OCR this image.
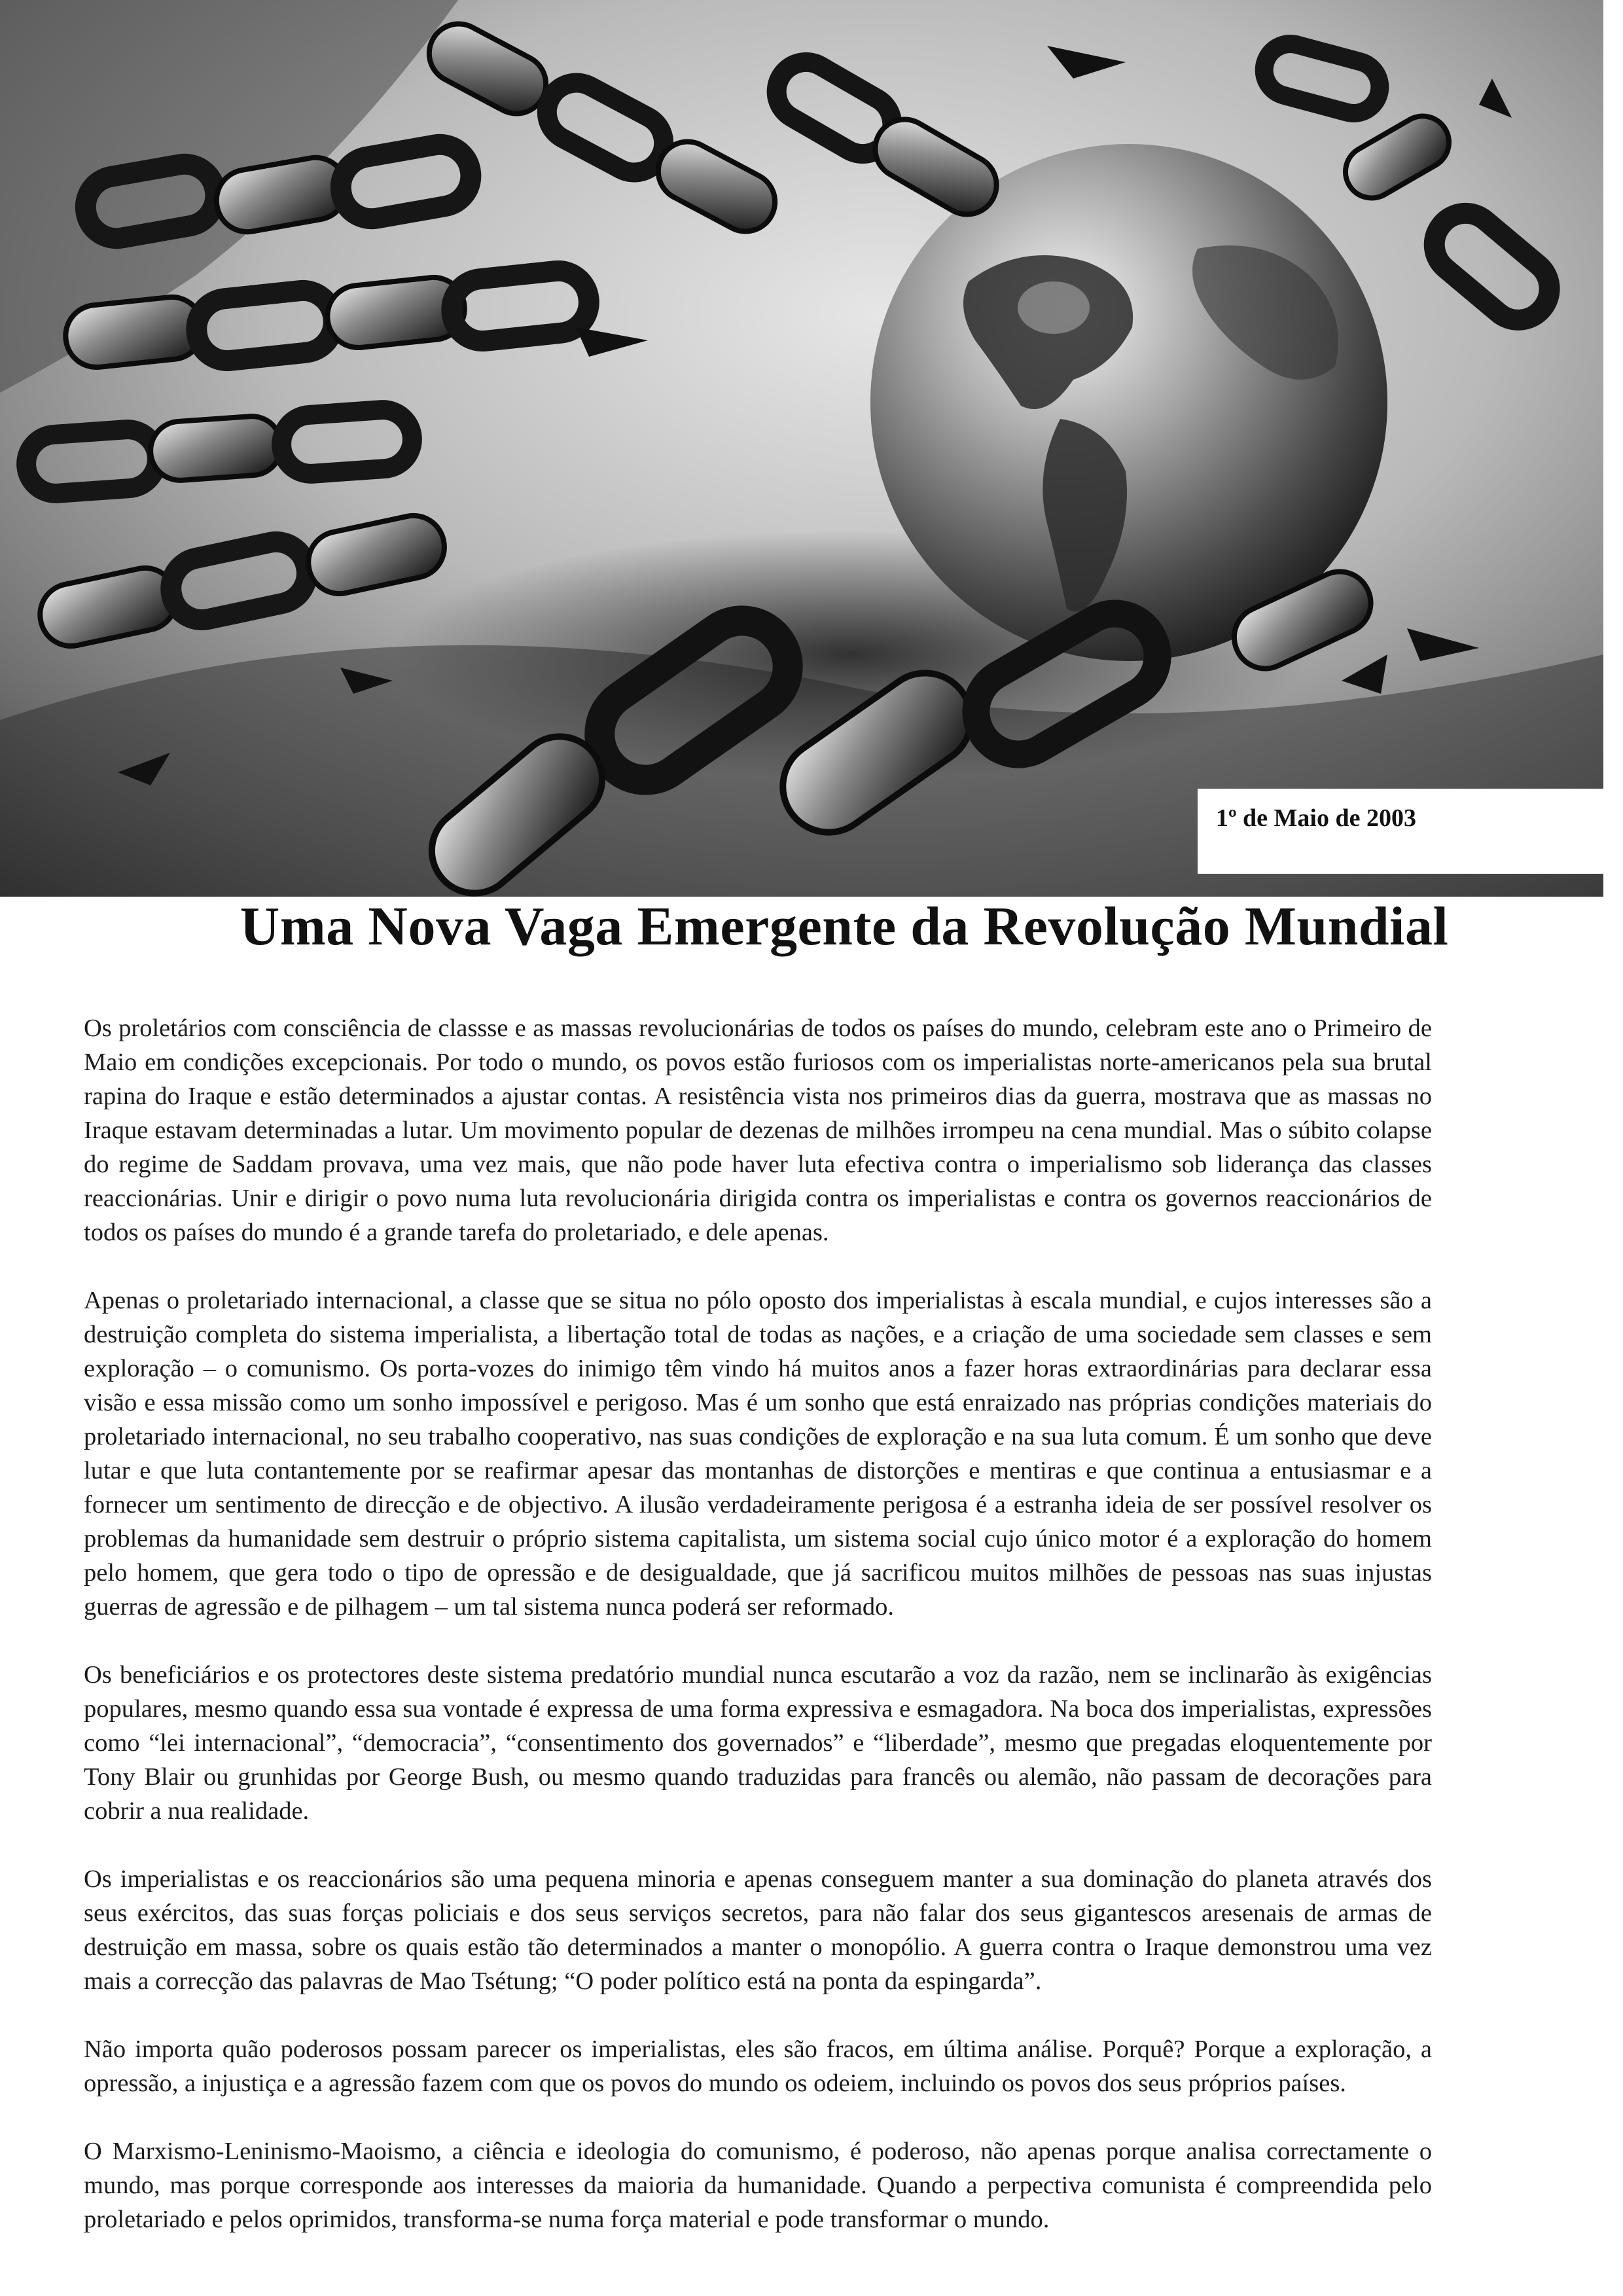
1º de Maio de 2003
Uma Nova Vaga Emergente da Revolução Mundial

Os proletários com consciência de classse e as massas revolucionárias de todos os países do mundo, celebram este ano o Primeiro de Maio em condições excepcionais. Por todo o mundo, os povos estão furiosos com os imperialistas norte-americanos pela sua brutal rapina do Iraque e estão determinados a ajustar contas. A resistência vista nos primeiros dias da guerra, mostrava que as massas no Iraque estavam determinadas a lutar. Um movimento popular de dezenas de milhões irrompeu na cena mundial. Mas o súbito colapse do regime de Saddam provava, uma vez mais, que não pode haver luta efectiva contra o imperialismo sob liderança das classes reaccionárias. Unir e dirigir o povo numa luta revolucionária dirigida contra os imperialistas e contra os governos reaccionários de todos os países do mundo é a grande tarefa do proletariado, e dele apenas.

Apenas o proletariado internacional, a classe que se situa no pólo oposto dos imperialistas à escala mundial, e cujos interesses são a destruição completa do sistema imperialista, a libertação total de todas as nações, e a criação de uma sociedade sem classes e sem exploração – o comunismo. Os porta-vozes do inimigo têm vindo há muitos anos a fazer horas extraordinárias para declarar essa visão e essa missão como um sonho impossível e perigoso. Mas é um sonho que está enraizado nas próprias condições materiais do proletariado internacional, no seu trabalho cooperativo, nas suas condições de exploração e na sua luta comum. É um sonho que deve lutar e que luta contantemente por se reafirmar apesar das montanhas de distorções e mentiras e que continua a entusiasmar e a fornecer um sentimento de direcção e de objectivo. A ilusão verdadeiramente perigosa é a estranha ideia de ser possível resolver os problemas da humanidade sem destruir o próprio sistema capitalista, um sistema social cujo único motor é a exploração do homem pelo homem, que gera todo o tipo de opressão e de desigualdade, que já sacrificou muitos milhões de pessoas nas suas injustas guerras de agressão e de pilhagem – um tal sistema nunca poderá ser reformado.

Os beneficiários e os protectores deste sistema predatório mundial nunca escutarão a voz da razão, nem se inclinarão às exigências populares, mesmo quando essa sua vontade é expressa de uma forma expressiva e esmagadora. Na boca dos imperialistas, expressões como “lei internacional”, “democracia”, “consentimento dos governados” e “liberdade”, mesmo que pregadas eloquentemente por Tony Blair ou grunhidas por George Bush, ou mesmo quando traduzidas para francês ou alemão, não passam de decorações para cobrir a nua realidade.

Os imperialistas e os reaccionários são uma pequena minoria e apenas conseguem manter a sua dominação do planeta através dos seus exércitos, das suas forças policiais e dos seus serviços secretos, para não falar dos seus gigantescos aresenais de armas de destruição em massa, sobre os quais estão tão determinados a manter o monopólio. A guerra contra o Iraque demonstrou uma vez mais a correcção das palavras de Mao Tsétung; “O poder político está na ponta da espingarda”.

Não importa quão poderosos possam parecer os imperialistas, eles são fracos, em última análise. Porquê? Porque a exploração, a opressão, a injustiça e a agressão fazem com que os povos do mundo os odeiem, incluindo os povos dos seus próprios países.

O Marxismo-Leninismo-Maoismo, a ciência e ideologia do comunismo, é poderoso, não apenas porque analisa correctamente o mundo, mas porque corresponde aos interesses da maioria da humanidade. Quando a perpectiva comunista é compreendida pelo proletariado e pelos oprimidos, transforma-se numa força material e pode transformar o mundo.
